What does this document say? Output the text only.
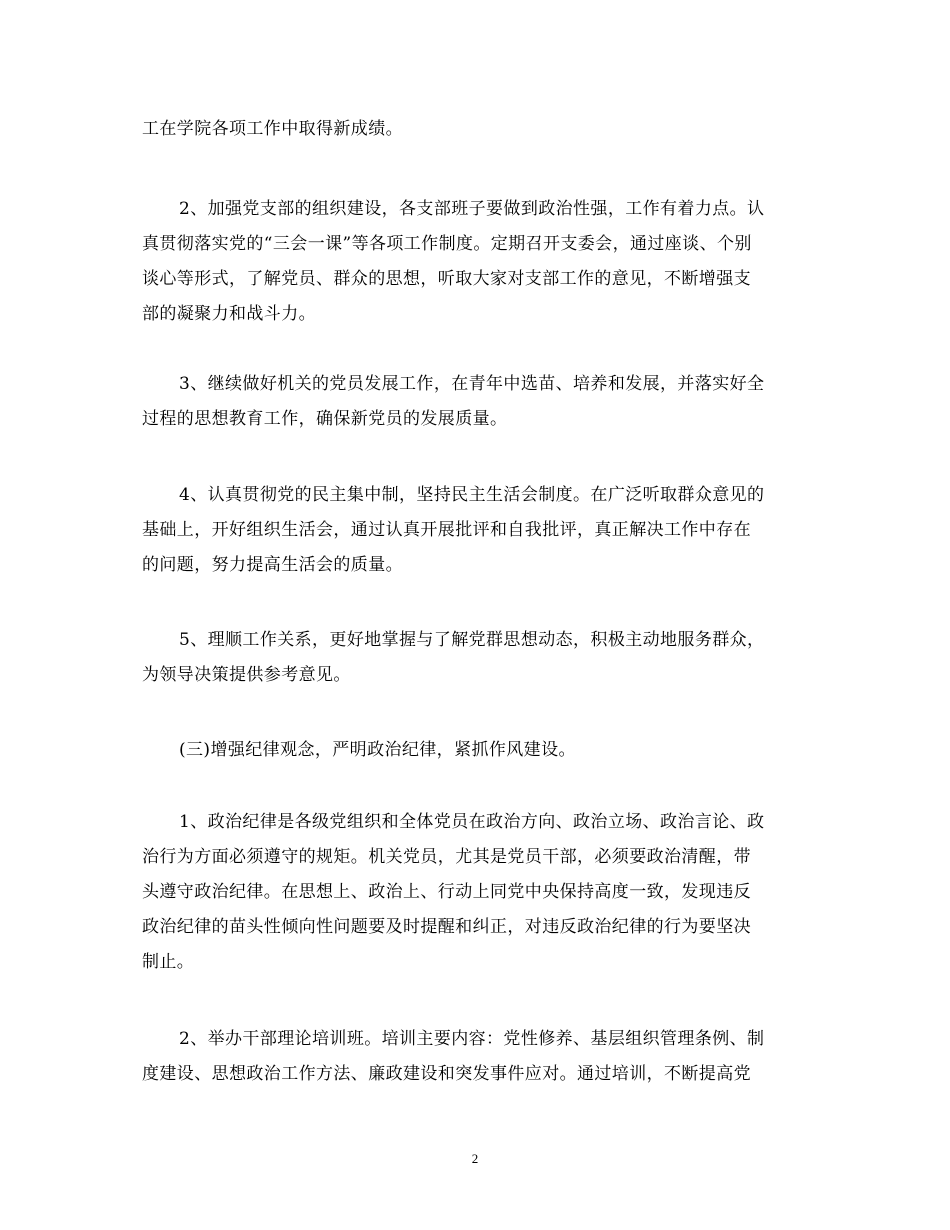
工在学院各项工作中取得新成绩。

2、加强党支部的组织建设，各支部班子要做到政治性强，工作有着力点。认
真贯彻落实党的“三会一课”等各项工作制度。定期召开支委会，通过座谈、个别
谈心等形式，了解党员、群众的思想，听取大家对支部工作的意见，不断增强支
部的凝聚力和战斗力。

3、继续做好机关的党员发展工作，在青年中选苗、培养和发展，并落实好全
过程的思想教育工作，确保新党员的发展质量。

4、认真贯彻党的民主集中制，坚持民主生活会制度。在广泛听取群众意见的
基础上，开好组织生活会，通过认真开展批评和自我批评，真正解决工作中存在
的问题，努力提高生活会的质量。

5、理顺工作关系，更好地掌握与了解党群思想动态，积极主动地服务群众，
为领导决策提供参考意见。

(三)增强纪律观念，严明政治纪律，紧抓作风建设。

1、政治纪律是各级党组织和全体党员在政治方向、政治立场、政治言论、政
治行为方面必须遵守的规矩。机关党员，尤其是党员干部，必须要政治清醒，带
头遵守政治纪律。在思想上、政治上、行动上同党中央保持高度一致，发现违反
政治纪律的苗头性倾向性问题要及时提醒和纠正，对违反政治纪律的行为要坚决
制止。

2、举办干部理论培训班。培训主要内容：党性修养、基层组织管理条例、制
度建设、思想政治工作方法、廉政建设和突发事件应对。通过培训，不断提高党

2
